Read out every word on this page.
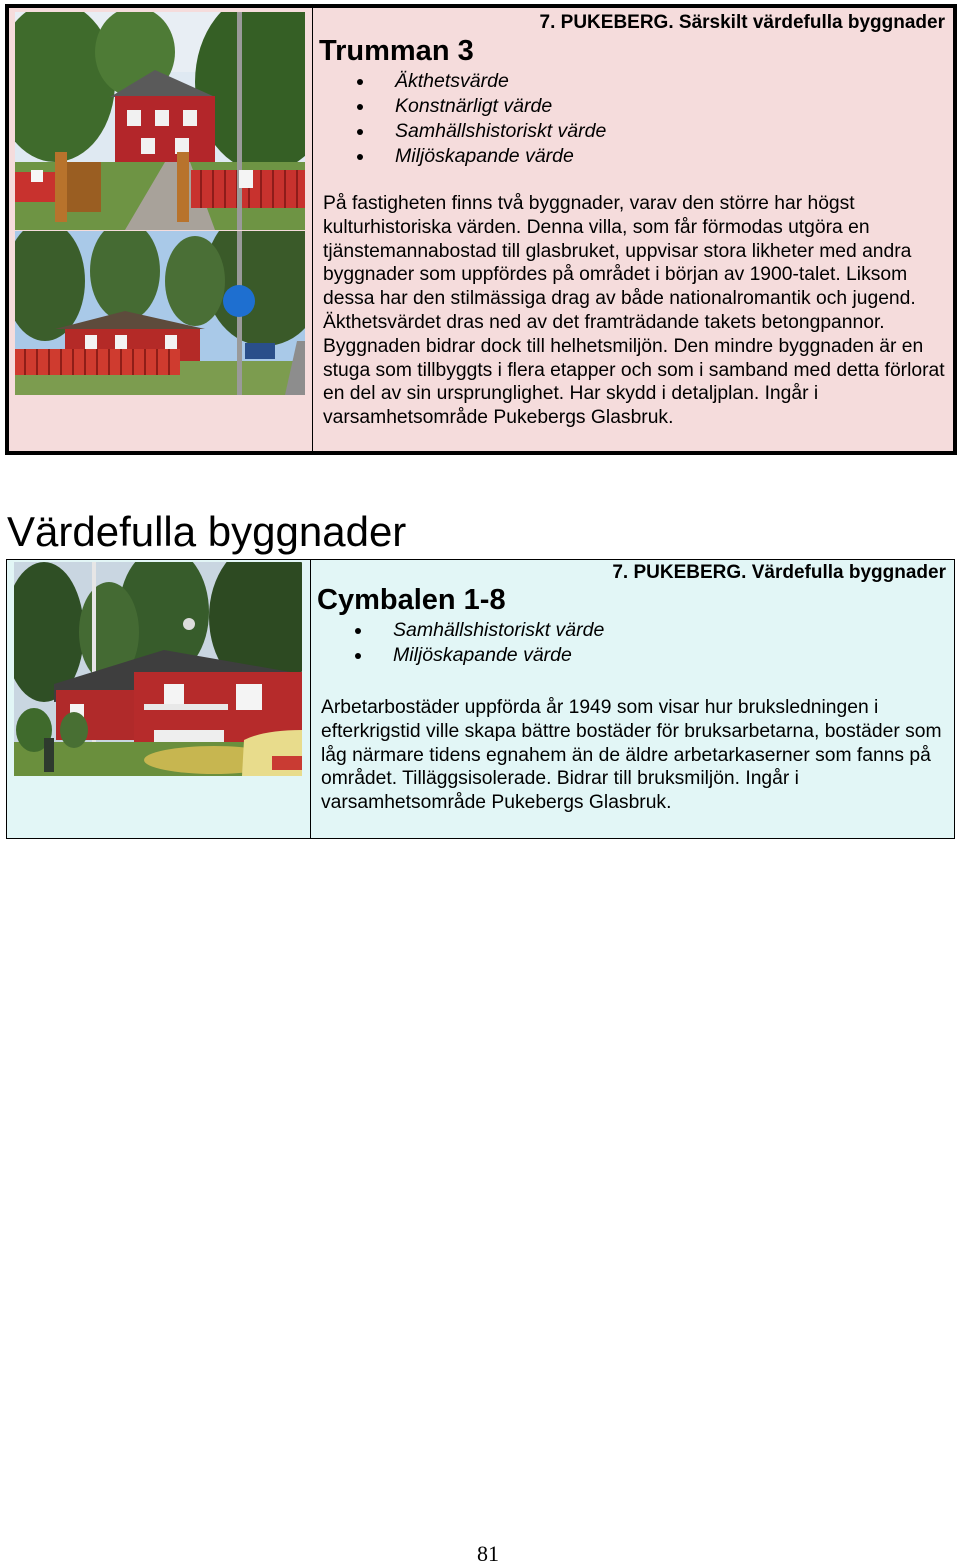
7. PUKEBERG. Särskilt värdefulla byggnader
Trumman 3
Äkthetsvärde
Konstnärligt värde
Samhällshistoriskt värde
Miljöskapande värde

På fastigheten finns två byggnader, varav den större har högst kulturhistoriska värden. Denna villa, som får förmodas utgöra en tjänstemannabostad till glasbruket, uppvisar stora likheter med andra byggnader som uppfördes på området i början av 1900-talet. Liksom dessa har den stilmässiga drag av både nationalromantik och jugend. Äkthetsvärdet dras ned av det framträdande takets betongpannor. Byggnaden bidrar dock till helhetsmiljön. Den mindre byggnaden är en stuga som tillbyggts i flera etapper och som i samband med detta förlorat en del av sin ursprunglighet. Har skydd i detaljplan. Ingår i varsamhetsområde Pukebergs Glasbruk.

Värdefulla byggnader
7. PUKEBERG. Värdefulla byggnader
Cymbalen 1-8
Samhällshistoriskt värde
Miljöskapande värde

Arbetarbostäder uppförda år 1949 som visar hur bruksledningen i efterkrigstid ville skapa bättre bostäder för bruksarbetarna, bostäder som låg närmare tidens egnahem än de äldre arbetarkaserner som fanns på området. Tilläggsisolerade. Bidrar till bruksmiljön. Ingår i varsamhetsområde Pukebergs Glasbruk.

81
